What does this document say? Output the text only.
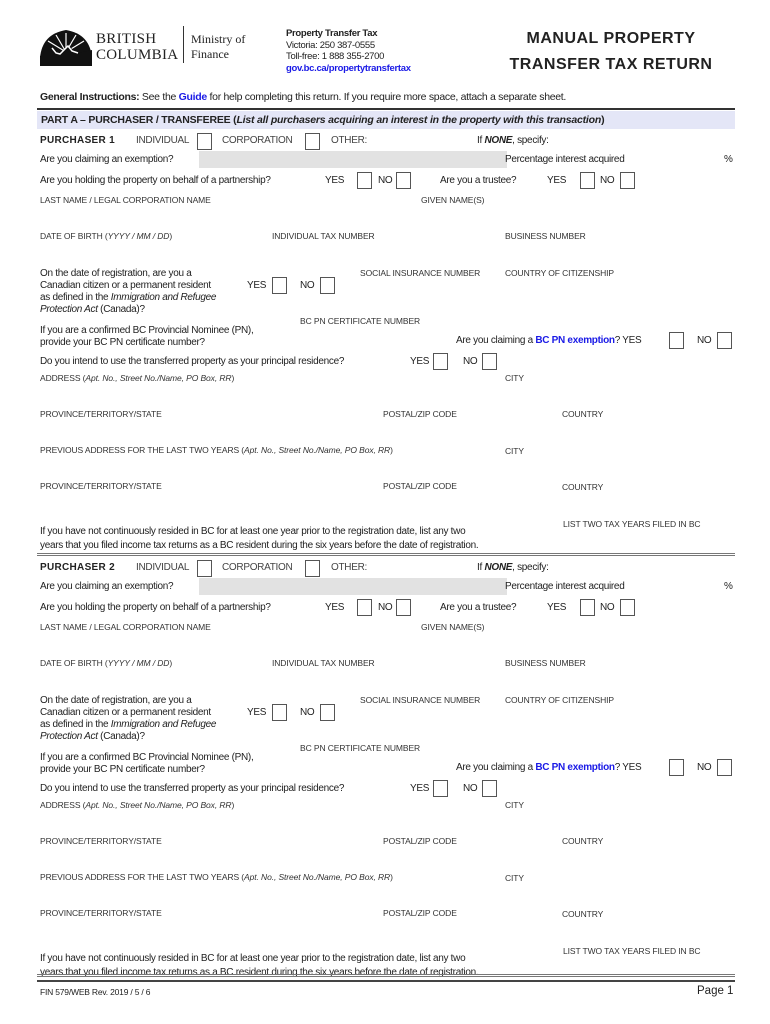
BRITISH
COLUMBIA
Ministry of
Finance
Property Transfer Tax
Victoria: 250 387-0555
Toll-free: 1 888 355-2700
gov.bc.ca/propertytransfertax
MANUAL PROPERTY
TRANSFER TAX RETURN
General Instructions: See the Guide for help completing this return. If you require more space, attach a separate sheet.
PART A – PURCHASER / TRANSFEREE (List all purchasers acquiring an interest in the property with this transaction)
PURCHASER 1 INDIVIDUAL	CORPORATION	OTHER:	If NONE, specify:
Are you claiming an exemption?	Percentage interest acquired	%
Are you holding the property on behalf of a partnership?	YES	NO	Are you a trustee?	YES	NO
LAST NAME / LEGAL CORPORATION NAME	GIVEN NAME(S)
DATE OF BIRTH (YYYY / MM / DD)	INDIVIDUAL TAX NUMBER	BUSINESS NUMBER
On the date of registration, are you a
Canadian citizen or a permanent resident
as defined in the Immigration and Refugee
Protection Act (Canada)?
YES	NO
SOCIAL INSURANCE NUMBER	COUNTRY OF CITIZENSHIP
BC PN CERTIFICATE NUMBER
If you are a confirmed BC Provincial Nominee (PN),
provide your BC PN certificate number?	Are you claiming a BC PN exemption? YES	NO
Do you intend to use the transferred property as your principal residence?	YES	NO
ADDRESS (Apt. No., Street No./Name, PO Box, RR)	CITY
PROVINCE/TERRITORY/STATE	POSTAL/ZIP CODE	COUNTRY
PREVIOUS ADDRESS FOR THE LAST TWO YEARS (Apt. No., Street No./Name, PO Box, RR)	CITY
PROVINCE/TERRITORY/STATE	POSTAL/ZIP CODE	COUNTRY
LIST TWO TAX YEARS FILED IN BC
If you have not continuously resided in BC for at least one year prior to the registration date, list any two
years that you filed income tax returns as a BC resident during the six years before the date of registration.
PURCHASER 2 INDIVIDUAL	CORPORATION	OTHER:	If NONE, specify:
Are you claiming an exemption?	Percentage interest acquired	%
Are you holding the property on behalf of a partnership?	YES	NO	Are you a trustee?	YES	NO
LAST NAME / LEGAL CORPORATION NAME	GIVEN NAME(S)
DATE OF BIRTH (YYYY / MM / DD)	INDIVIDUAL TAX NUMBER	BUSINESS NUMBER
On the date of registration, are you a
Canadian citizen or a permanent resident
as defined in the Immigration and Refugee
Protection Act (Canada)?
YES	NO
SOCIAL INSURANCE NUMBER	COUNTRY OF CITIZENSHIP
BC PN CERTIFICATE NUMBER
If you are a confirmed BC Provincial Nominee (PN),
provide your BC PN certificate number?	Are you claiming a BC PN exemption? YES	NO
Do you intend to use the transferred property as your principal residence?	YES	NO
ADDRESS (Apt. No., Street No./Name, PO Box, RR)	CITY
PROVINCE/TERRITORY/STATE	POSTAL/ZIP CODE	COUNTRY
PREVIOUS ADDRESS FOR THE LAST TWO YEARS (Apt. No., Street No./Name, PO Box, RR)	CITY
PROVINCE/TERRITORY/STATE	POSTAL/ZIP CODE	COUNTRY
LIST TWO TAX YEARS FILED IN BC
If you have not continuously resided in BC for at least one year prior to the registration date, list any two
years that you filed income tax returns as a BC resident during the six years before the date of registration.
FIN 579/WEB Rev. 2019 / 5 / 6	Page 1
